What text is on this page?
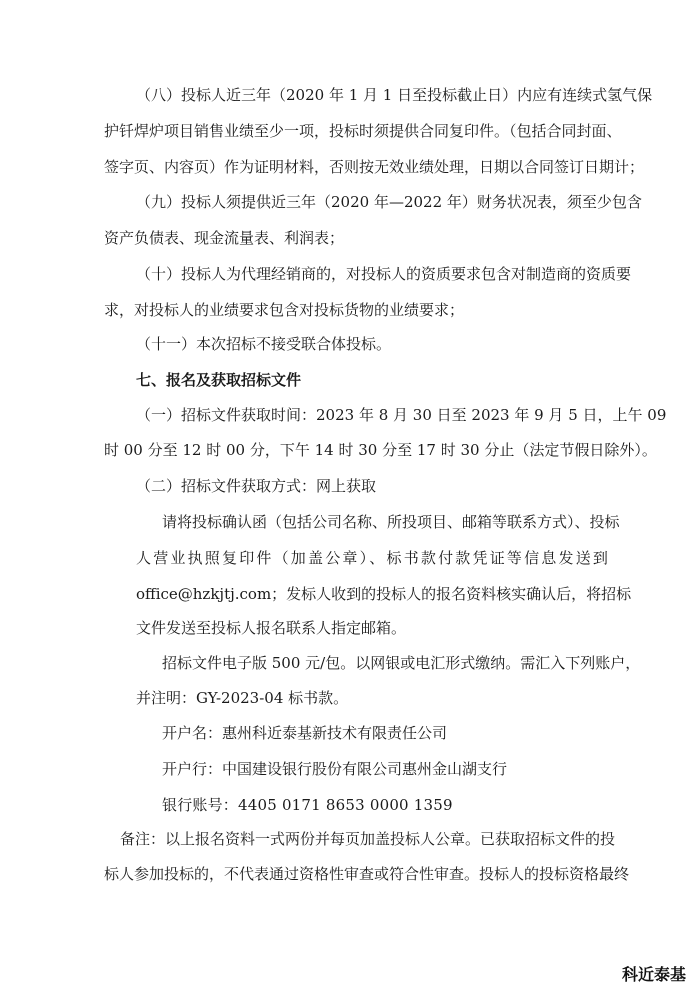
（八）投标人近三年（2020 年 1 月 1 日至投标截止日）内应有连续式氢气保

护钎焊炉项目销售业绩至少一项，投标时须提供合同复印件。（包括合同封面、

签字页、内容页）作为证明材料，否则按无效业绩处理，日期以合同签订日期计；

（九）投标人须提供近三年（2020 年—2022 年）财务状况表，须至少包含

资产负债表、现金流量表、利润表；

（十）投标人为代理经销商的，对投标人的资质要求包含对制造商的资质要

求，对投标人的业绩要求包含对投标货物的业绩要求；

（十一）本次招标不接受联合体投标。

七、报名及获取招标文件

（一）招标文件获取时间：2023 年 8 月 30 日至 2023 年 9 月 5 日，上午 09

时 00 分至 12 时 00 分，下午 14 时 30 分至 17 时 30 分止（法定节假日除外）。

（二）招标文件获取方式：网上获取

请将投标确认函（包括公司名称、所投项目、邮箱等联系方式）、投标

人营业执照复印件（加盖公章）、标书款付款凭证等信息发送到

office@hzkjtj.com；发标人收到的投标人的报名资料核实确认后，将招标

文件发送至投标人报名联系人指定邮箱。

招标文件电子版 500 元/包。以网银或电汇形式缴纳。需汇入下列账户，

并注明：GY-2023-04 标书款。

开户名：惠州科近泰基新技术有限责任公司

开户行：中国建设银行股份有限公司惠州金山湖支行

银行账号：4405 0171 8653 0000 1359

备注：以上报名资料一式两份并每页加盖投标人公章。已获取招标文件的投

标人参加投标的，不代表通过资格性审查或符合性审查。投标人的投标资格最终

科近泰基
